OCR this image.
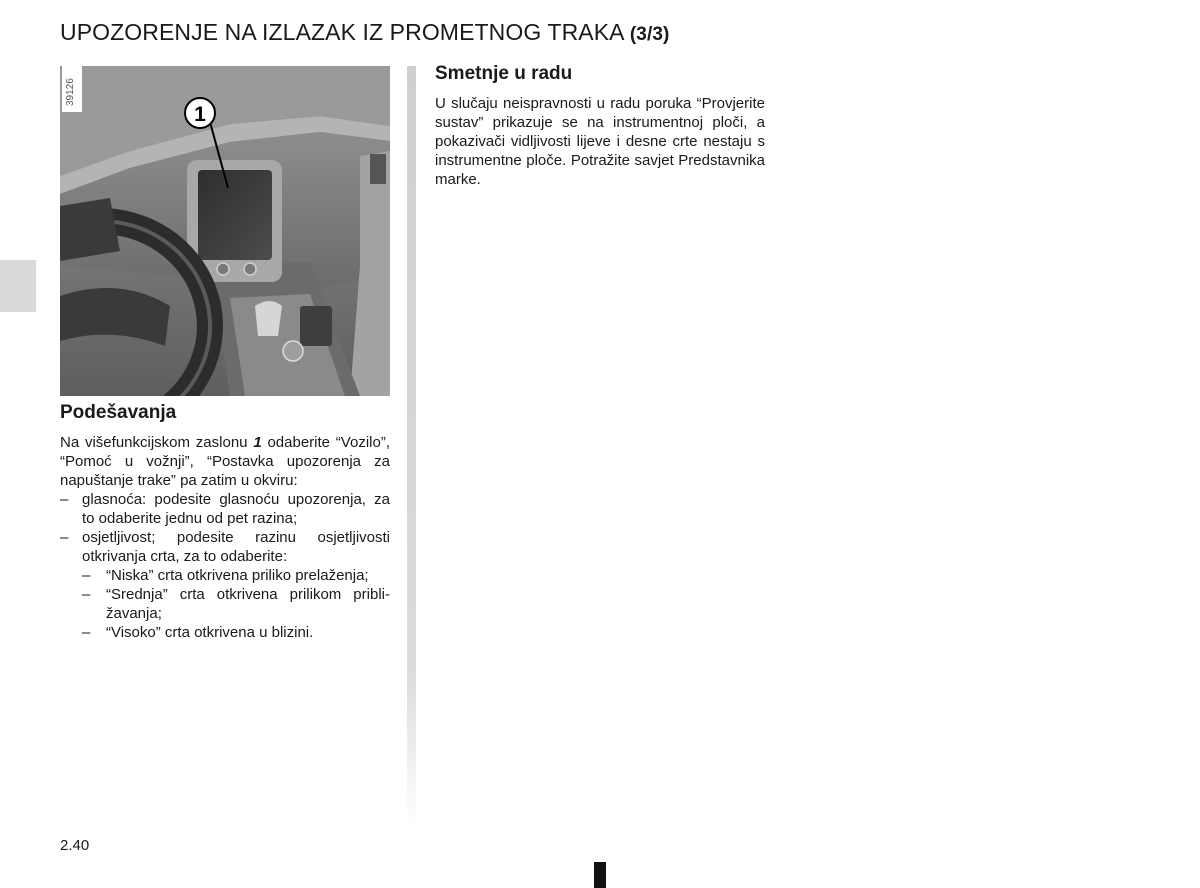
UPOZORENJE NA IZLAZAK IZ PROMETNOG TRAKA (3/3)
1
39126
Podešavanja
Na višefunkcijskom zaslonu 1 odaberite “Vozilo”, “Pomoć u vožnji”, “Postavka upozorenja za napuštanje trake” pa zatim u okviru:
– glasnoća: podesite glasnoću upozorenja, za to odaberite jednu od pet razina;
– osjetljivost; podesite razinu osjetljivosti otkrivanja crta, za to odaberite:
– “Niska” crta otkrivena priliko prelaženja;
– “Srednja” crta otkrivena prilikom približavanja;
– “Visoko” crta otkrivena u blizini.
Smetnje u radu
U slučaju neispravnosti u radu poruka “Provjerite sustav” prikazuje se na instrumentnoj ploči, a pokazivači vidljivosti lijeve i desne crte nestaju s instrumentne ploče. Potražite savjet Predstavnika marke.
2.40
